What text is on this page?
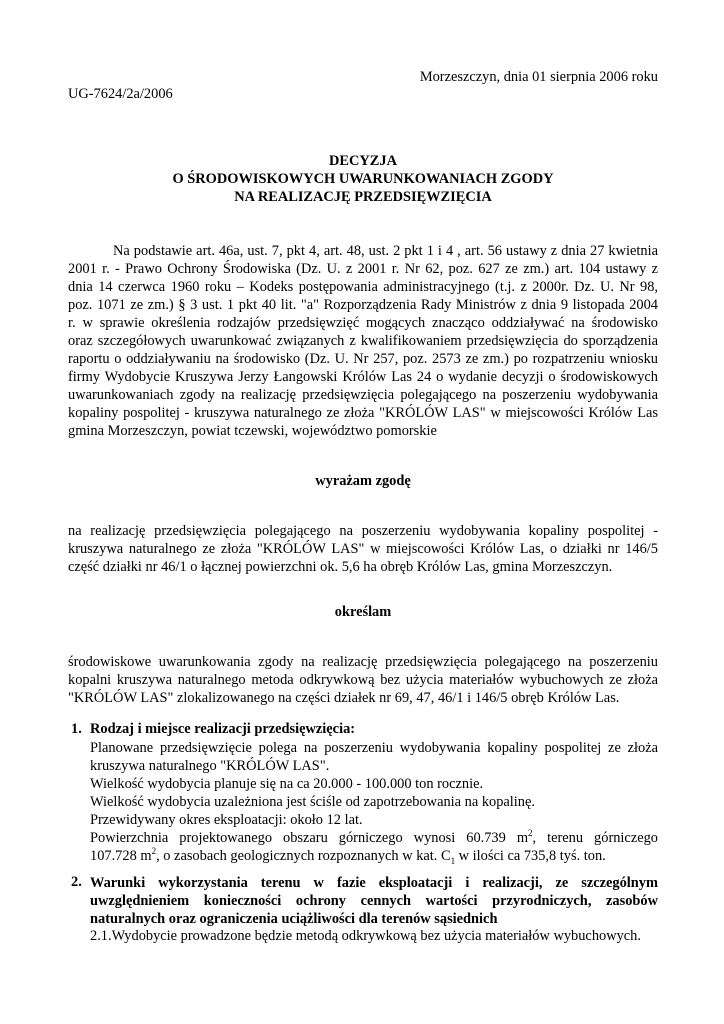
Morzeszczyn, dnia 01 sierpnia 2006 roku
UG-7624/2a/2006
DECYZJA
O ŚRODOWISKOWYCH UWARUNKOWANIACH ZGODY
NA REALIZACJĘ PRZEDSIĘWZIĘCIA
Na podstawie art. 46a, ust. 7, pkt 4, art. 48, ust. 2 pkt 1 i 4 , art. 56 ustawy z dnia 27 kwietnia
2001 r. - Prawo Ochrony Środowiska (Dz. U. z 2001 r. Nr 62, poz. 627 ze zm.) art. 104 ustawy z
dnia 14 czerwca 1960 roku – Kodeks postępowania administracyjnego (t.j. z 2000r. Dz. U. Nr 98,
poz. 1071 ze zm.) § 3 ust. 1 pkt 40 lit. "a" Rozporządzenia Rady Ministrów z dnia 9 listopada 2004
r. w sprawie określenia rodzajów przedsięwzięć mogących znacząco oddziaływać na środowisko
oraz szczegółowych uwarunkować związanych z kwalifikowaniem przedsięwzięcia do sporządzenia
raportu o oddziaływaniu na środowisko (Dz. U. Nr 257, poz. 2573 ze zm.) po rozpatrzeniu wniosku
firmy Wydobycie Kruszywa Jerzy Łangowski Królów Las 24 o wydanie decyzji o środowiskowych
uwarunkowaniach zgody na realizację przedsięwzięcia polegającego na poszerzeniu wydobywania
kopaliny pospolitej - kruszywa naturalnego ze złoża "KRÓLÓW LAS" w miejscowości Królów Las
gmina Morzeszczyn, powiat tczewski, województwo pomorskie
wyrażam zgodę
na realizację przedsięwzięcia polegającego na poszerzeniu wydobywania kopaliny pospolitej -
kruszywa naturalnego ze złoża "KRÓLÓW LAS" w miejscowości Królów Las, o działki nr 146/5
część działki nr 46/1 o łącznej powierzchni ok. 5,6 ha obręb Królów Las, gmina Morzeszczyn.
określam
środowiskowe uwarunkowania zgody na realizację przedsięwzięcia polegającego na poszerzeniu
kopalni kruszywa naturalnego metoda odkrywkową bez użycia materiałów wybuchowych ze złoża
"KRÓLÓW LAS" zlokalizowanego na części działek nr 69, 47, 46/1 i 146/5 obręb Królów Las.
1. Rodzaj i miejsce realizacji przedsięwzięcia:
Planowane przedsięwzięcie polega na poszerzeniu wydobywania kopaliny pospolitej ze złoża
kruszywa naturalnego "KRÓLÓW LAS".
Wielkość wydobycia planuje się na ca 20.000 - 100.000 ton rocznie.
Wielkość wydobycia uzależniona jest ściśle od zapotrzebowania na kopalinę.
Przewidywany okres eksploatacji: około 12 lat.
Powierzchnia projektowanego obszaru górniczego wynosi 60.739 $m^2$, terenu górniczego
107.728 $m^2$, o zasobach geologicznych rozpoznanych w kat. $C_1$ w ilości ca 735,8 tyś. ton.
2. Warunki wykorzystania terenu w fazie eksploatacji i realizacji, ze szczególnym
uwzględnieniem konieczności ochrony cennych wartości przyrodniczych, zasobów
naturalnych oraz ograniczenia uciążliwości dla terenów sąsiednich
2.1.Wydobycie prowadzone będzie metodą odkrywkową bez użycia materiałów wybuchowych.
